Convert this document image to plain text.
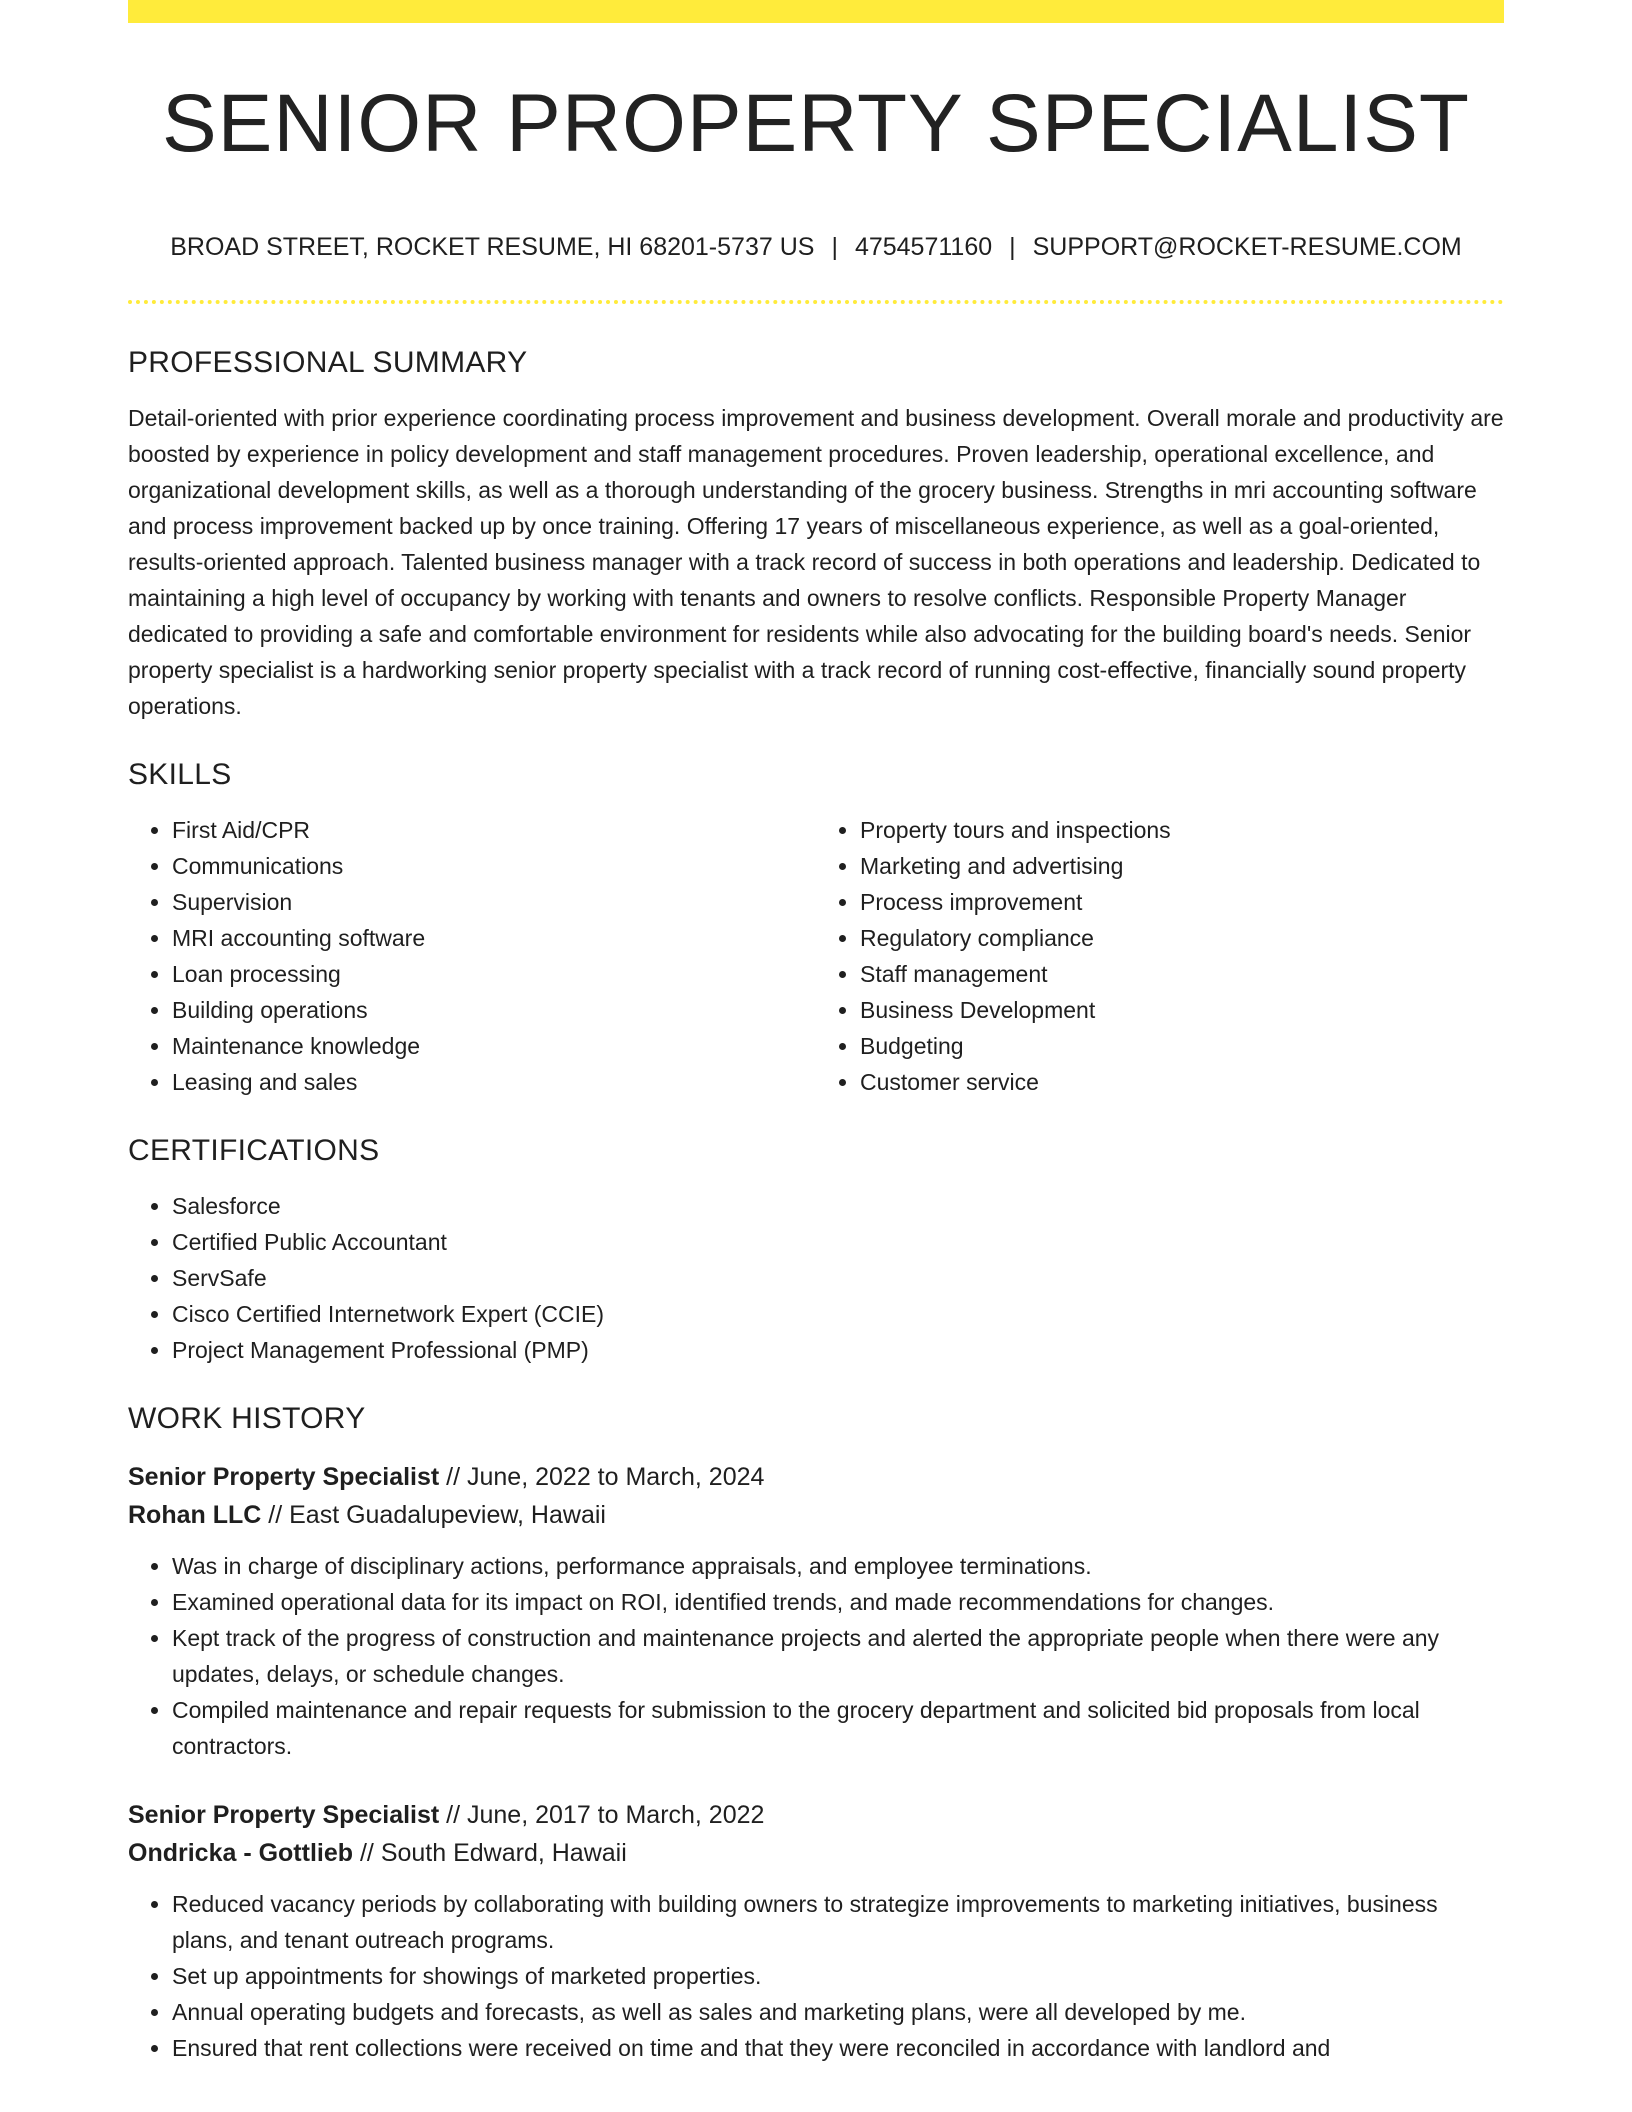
SENIOR PROPERTY SPECIALIST
BROAD STREET, ROCKET RESUME, HI 68201-5737 US | 4754571160 | SUPPORT@ROCKET-RESUME.COM
PROFESSIONAL SUMMARY
Detail-oriented with prior experience coordinating process improvement and business development. Overall morale and productivity are boosted by experience in policy development and staff management procedures. Proven leadership, operational excellence, and organizational development skills, as well as a thorough understanding of the grocery business. Strengths in mri accounting software and process improvement backed up by once training. Offering 17 years of miscellaneous experience, as well as a goal-oriented, results-oriented approach. Talented business manager with a track record of success in both operations and leadership. Dedicated to maintaining a high level of occupancy by working with tenants and owners to resolve conflicts. Responsible Property Manager dedicated to providing a safe and comfortable environment for residents while also advocating for the building board's needs. Senior property specialist is a hardworking senior property specialist with a track record of running cost-effective, financially sound property operations.
SKILLS
• First Aid/CPR
• Communications
• Supervision
• MRI accounting software
• Loan processing
• Building operations
• Maintenance knowledge
• Leasing and sales
• Property tours and inspections
• Marketing and advertising
• Process improvement
• Regulatory compliance
• Staff management
• Business Development
• Budgeting
• Customer service
CERTIFICATIONS
• Salesforce
• Certified Public Accountant
• ServSafe
• Cisco Certified Internetwork Expert (CCIE)
• Project Management Professional (PMP)
WORK HISTORY
Senior Property Specialist // June, 2022 to March, 2024
Rohan LLC // East Guadalupeview, Hawaii
• Was in charge of disciplinary actions, performance appraisals, and employee terminations.
• Examined operational data for its impact on ROI, identified trends, and made recommendations for changes.
• Kept track of the progress of construction and maintenance projects and alerted the appropriate people when there were any updates, delays, or schedule changes.
• Compiled maintenance and repair requests for submission to the grocery department and solicited bid proposals from local contractors.
Senior Property Specialist // June, 2017 to March, 2022
Ondricka - Gottlieb // South Edward, Hawaii
• Reduced vacancy periods by collaborating with building owners to strategize improvements to marketing initiatives, business plans, and tenant outreach programs.
• Set up appointments for showings of marketed properties.
• Annual operating budgets and forecasts, as well as sales and marketing plans, were all developed by me.
• Ensured that rent collections were received on time and that they were reconciled in accordance with landlord and
